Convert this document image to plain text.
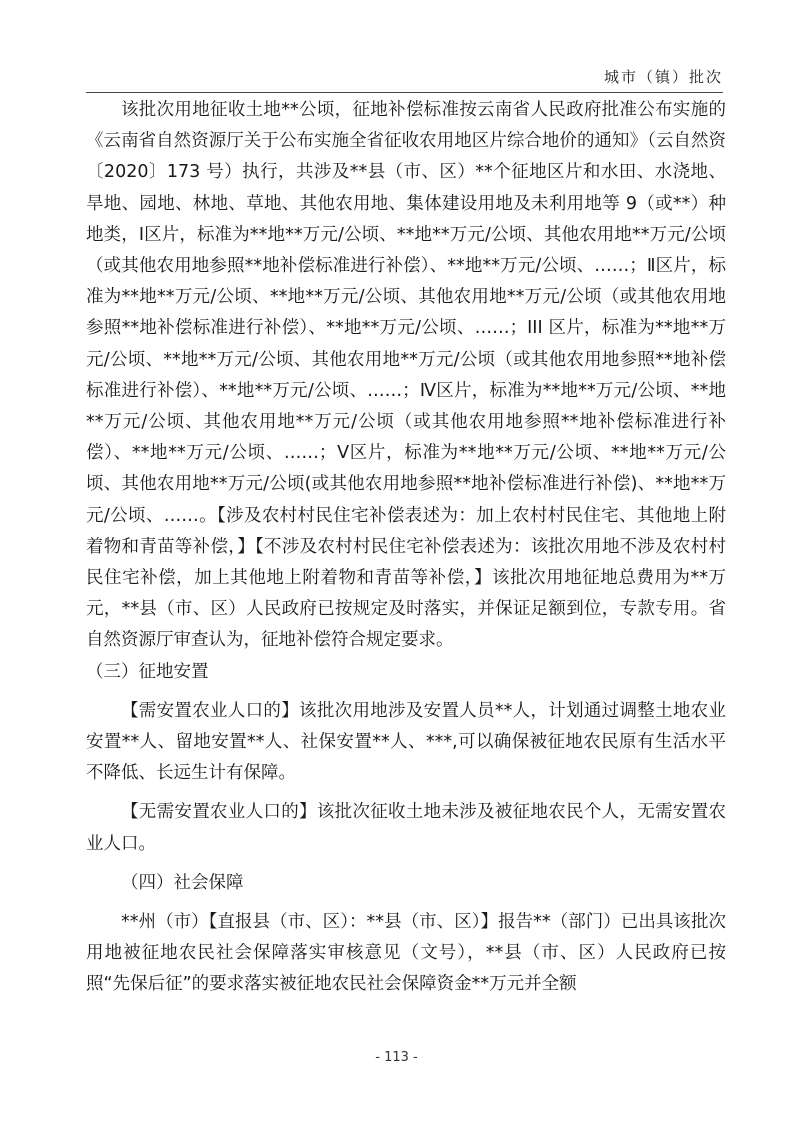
城市（镇）批次

该批次用地征收土地**公顷，征地补偿标准按云南省人民政府批准公布实施的《云南省自然资源厅关于公布实施全省征收农用地区片综合地价的通知》（云自然资〔2020〕173 号）执行，共涉及**县（市、区）**个征地区片和水田、水浇地、旱地、园地、林地、草地、其他农用地、集体建设用地及未利用地等 9（或**）种地类，Ⅰ区片，标准为**地**万元/公顷、**地**万元/公顷、其他农用地**万元/公顷（或其他农用地参照**地补偿标准进行补偿）、**地**万元/公顷、……；Ⅱ区片，标准为**地**万元/公顷、**地**万元/公顷、其他农用地**万元/公顷（或其他农用地参照**地补偿标准进行补偿）、**地**万元/公顷、……；III 区片，标准为**地**万元/公顷、**地**万元/公顷、其他农用地**万元/公顷（或其他农用地参照**地补偿标准进行补偿）、**地**万元/公顷、……；Ⅳ区片，标准为**地**万元/公顷、**地**万元/公顷、其他农用地**万元/公顷（或其他农用地参照**地补偿标准进行补偿）、**地**万元/公顷、……；Ⅴ区片，标准为**地**万元/公顷、**地**万元/公顷、其他农用地**万元/公顷(或其他农用地参照**地补偿标准进行补偿)、**地**万元/公顷、……。【涉及农村村民住宅补偿表述为：加上农村村民住宅、其他地上附着物和青苗等补偿，】【不涉及农村村民住宅补偿表述为：该批次用地不涉及农村村民住宅补偿，加上其他地上附着物和青苗等补偿，】该批次用地征地总费用为**万元，**县（市、区）人民政府已按规定及时落实，并保证足额到位，专款专用。省自然资源厅审查认为，征地补偿符合规定要求。

（三）征地安置

【需安置农业人口的】该批次用地涉及安置人员**人，计划通过调整土地农业安置**人、留地安置**人、社保安置**人、***,可以确保被征地农民原有生活水平不降低、长远生计有保障。

【无需安置农业人口的】该批次征收土地未涉及被征地农民个人，无需安置农业人口。

（四）社会保障

**州（市）【直报县（市、区）：**县（市、区）】报告**（部门）已出具该批次用地被征地农民社会保障落实审核意见（文号），**县（市、区）人民政府已按照“先保后征”的要求落实被征地农民社会保障资金**万元并全额

- 113 -
